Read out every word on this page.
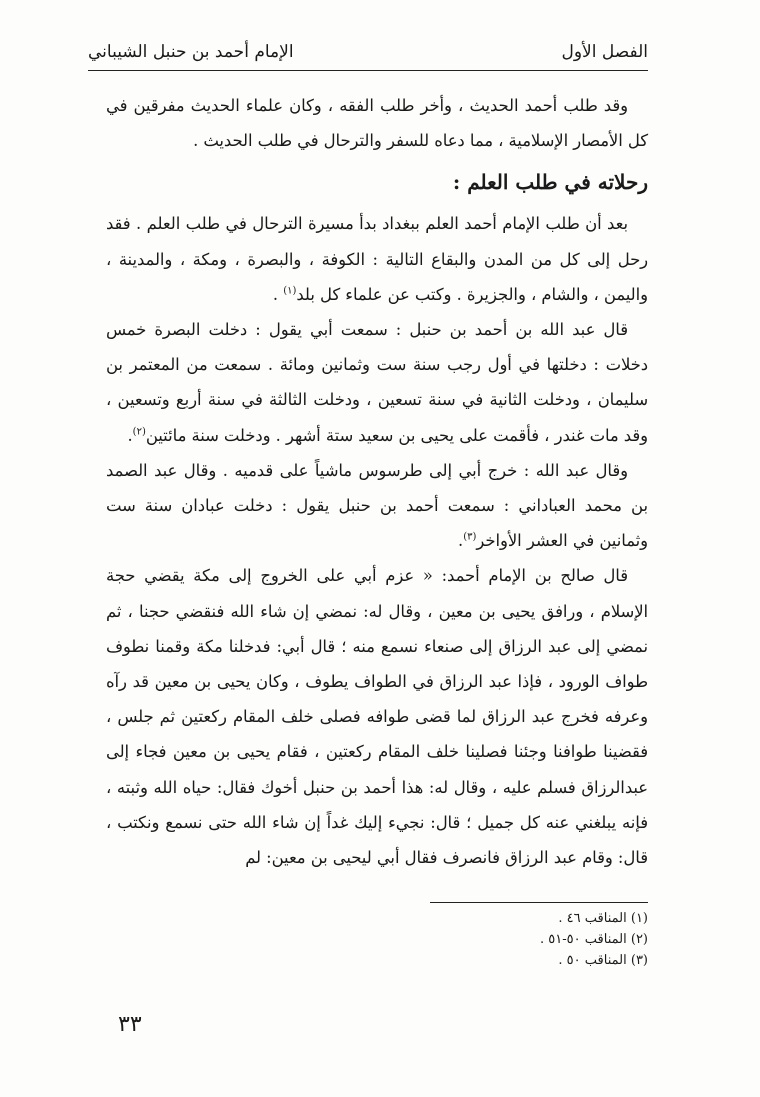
الفصل الأول
الإمام أحمد بن حنبل الشيباني

وقد طلب أحمد الحديث ، وأخر طلب الفقه ، وكان علماء الحديث مفرقين في كل الأمصار الإسلامية ، مما دعاه للسفر والترحال في طلب الحديث .

رحلاته في طلب العلم :

بعد أن طلب الإمام أحمد العلم ببغداد بدأ مسيرة الترحال في طلب العلم . فقد رحل إلى كل من المدن والبقاع التالية : الكوفة ، والبصرة ، ومكة ، والمدينة ، واليمن ، والشام ، والجزيرة . وكتب عن علماء كل بلد$^{(١)}$ .

قال عبد الله بن أحمد بن حنبل : سمعت أبي يقول : دخلت البصرة خمس دخلات : دخلتها في أول رجب سنة ست وثمانين ومائة . سمعت من المعتمر بن سليمان ، ودخلت الثانية في سنة تسعين ، ودخلت الثالثة في سنة أربع وتسعين ، وقد مات غندر ، فأقمت على يحيى بن سعيد ستة أشهر . ودخلت سنة مائتين$^{(٢)}$.

وقال عبد الله : خرج أبي إلى طرسوس ماشياً على قدميه . وقال عبد الصمد بن محمد العباداني : سمعت أحمد بن حنبل يقول : دخلت عبادان سنة ست وثمانين في العشر الأواخر$^{(٣)}$.

قال صالح بن الإمام أحمد: « عزم أبي على الخروج إلى مكة يقضي حجة الإسلام ، ورافق يحيى بن معين ، وقال له: نمضي إن شاء الله فنقضي حجنا ، ثم نمضي إلى عبد الرزاق إلى صنعاء نسمع منه ؛ قال أبي: فدخلنا مكة وقمنا نطوف طواف الورود ، فإذا عبد الرزاق في الطواف يطوف ، وكان يحيى بن معين قد رآه وعرفه فخرج عبد الرزاق لما قضى طوافه فصلى خلف المقام ركعتين ثم جلس ، فقضينا طوافنا وجئنا فصلينا خلف المقام ركعتين ، فقام يحيى بن معين فجاء إلى عبدالرزاق فسلم عليه ، وقال له: هذا أحمد بن حنبل أخوك فقال: حياه الله وثبته ، فإنه يبلغني عنه كل جميل ؛ قال: نجيء إليك غداً إن شاء الله حتى نسمع ونكتب ، قال: وقام عبد الرزاق فانصرف فقال أبي ليحيى بن معين: لم

(١) المناقب ٤٦ .
(٢) المناقب ٥٠-٥١ .
(٣) المناقب ٥٠ .
٣٣
